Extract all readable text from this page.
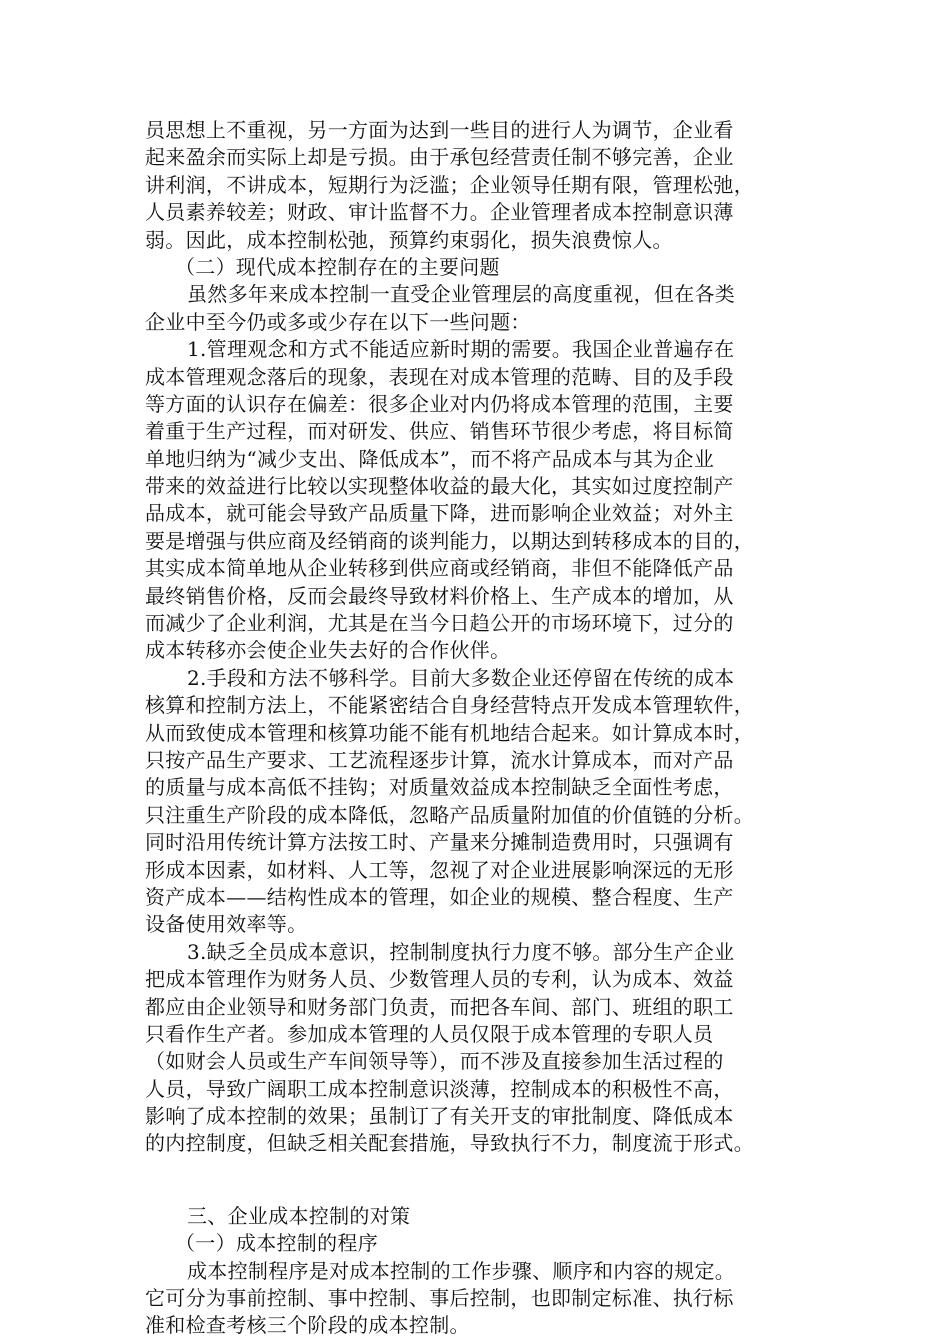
员思想上不重视，另一方面为达到一些目的进行人为调节，企业看
起来盈余而实际上却是亏损。由于承包经营责任制不够完善，企业
讲利润，不讲成本，短期行为泛滥；企业领导任期有限，管理松弛，
人员素养较差；财政、审计监督不力。企业管理者成本控制意识薄
弱。因此，成本控制松弛，预算约束弱化，损失浪费惊人。
（二）现代成本控制存在的主要问题
虽然多年来成本控制一直受企业管理层的高度重视，但在各类
企业中至今仍或多或少存在以下一些问题：
1.管理观念和方式不能适应新时期的需要。我国企业普遍存在
成本管理观念落后的现象，表现在对成本管理的范畴、目的及手段
等方面的认识存在偏差：很多企业对内仍将成本管理的范围，主要
着重于生产过程，而对研发、供应、销售环节很少考虑，将目标简
单地归纳为“减少支出、降低成本”，而不将产品成本与其为企业
带来的效益进行比较以实现整体收益的最大化，其实如过度控制产
品成本，就可能会导致产品质量下降，进而影响企业效益；对外主
要是增强与供应商及经销商的谈判能力，以期达到转移成本的目的，
其实成本简单地从企业转移到供应商或经销商，非但不能降低产品
最终销售价格，反而会最终导致材料价格上、生产成本的增加，从
而减少了企业利润，尤其是在当今日趋公开的市场环境下，过分的
成本转移亦会使企业失去好的合作伙伴。
2.手段和方法不够科学。目前大多数企业还停留在传统的成本
核算和控制方法上，不能紧密结合自身经营特点开发成本管理软件，
从而致使成本管理和核算功能不能有机地结合起来。如计算成本时，
只按产品生产要求、工艺流程逐步计算，流水计算成本，而对产品
的质量与成本高低不挂钩；对质量效益成本控制缺乏全面性考虑，
只注重生产阶段的成本降低，忽略产品质量附加值的价值链的分析。
同时沿用传统计算方法按工时、产量来分摊制造费用时，只强调有
形成本因素，如材料、人工等，忽视了对企业进展影响深远的无形
资产成本——结构性成本的管理，如企业的规模、整合程度、生产
设备使用效率等。
3.缺乏全员成本意识，控制制度执行力度不够。部分生产企业
把成本管理作为财务人员、少数管理人员的专利，认为成本、效益
都应由企业领导和财务部门负责，而把各车间、部门、班组的职工
只看作生产者。参加成本管理的人员仅限于成本管理的专职人员
（如财会人员或生产车间领导等），而不涉及直接参加生活过程的
人员，导致广阔职工成本控制意识淡薄，控制成本的积极性不高，
影响了成本控制的效果；虽制订了有关开支的审批制度、降低成本
的内控制度，但缺乏相关配套措施，导致执行不力，制度流于形式。
三、企业成本控制的对策
（一）成本控制的程序
成本控制程序是对成本控制的工作步骤、顺序和内容的规定。
它可分为事前控制、事中控制、事后控制，也即制定标准、执行标
准和检查考核三个阶段的成本控制。
